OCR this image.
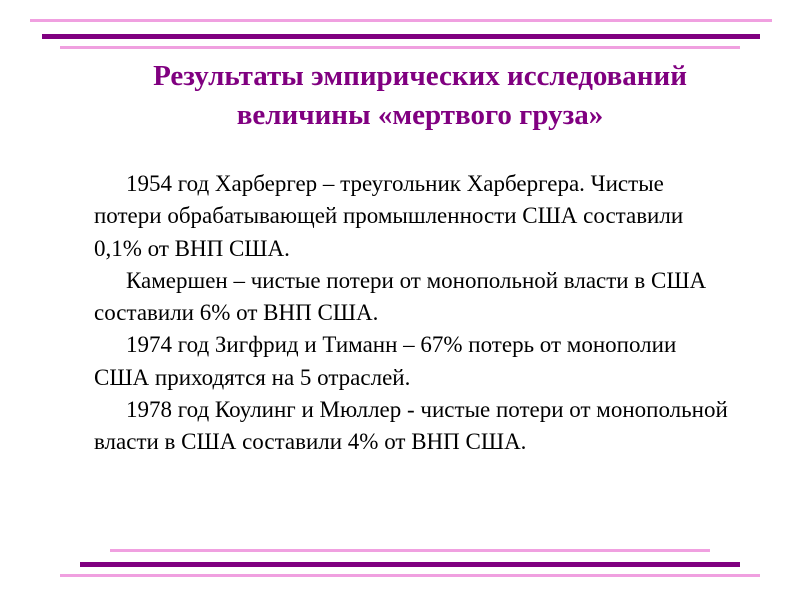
Результаты эмпирических исследований
величины «мертвого груза»

1954 год Харбергер – треугольник Харбергера. Чистые потери обрабатывающей промышленности США составили 0,1% от ВНП США.

Камершен – чистые потери от монопольной власти в США составили 6% от ВНП США.

1974 год Зигфрид и Тиманн – 67% потерь от монополии США приходятся на 5 отраслей.

1978 год Коулинг и Мюллер - чистые потери от монопольной власти в США составили 4% от ВНП США.
